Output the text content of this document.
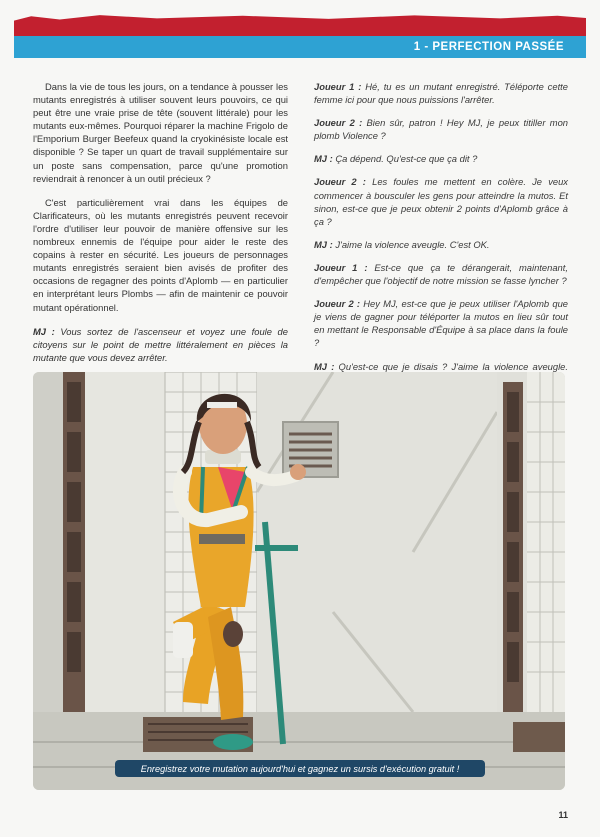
1 - PERFECTION PASSÉE

Dans la vie de tous les jours, on a tendance à pousser les mutants enregistrés à utiliser souvent leurs pouvoirs, ce qui peut être une vraie prise de tête (souvent littérale) pour les mutants eux-mêmes. Pourquoi réparer la machine Frigolo de l'Emporium Burger Beefeux quand la cryokinésiste locale est disponible ? Se taper un quart de travail supplémentaire sur un poste sans compensation, parce qu'une promotion reviendrait à renoncer à un outil précieux ?

C'est particulièrement vrai dans les équipes de Clarificateurs, où les mutants enregistrés peuvent recevoir l'ordre d'utiliser leur pouvoir de manière offensive sur les nombreux ennemis de l'équipe pour aider le reste des copains à rester en sécurité. Les joueurs de personnages mutants enregistrés seraient bien avisés de profiter des occasions de regagner des points d'Aplomb — en particulier en interprétant leurs Plombs — afin de maintenir ce pouvoir mutant opérationnel.

MJ : Vous sortez de l'ascenseur et voyez une foule de citoyens sur le point de mettre littéralement en pièces la mutante que vous devez arrêter.

Joueur 1 : Hé, tu es un mutant enregistré. Téléporte cette femme ici pour que nous puissions l'arrêter.

Joueur 2 : Bien sûr, patron ! Hey MJ, je peux titiller mon plomb Violence ?

MJ : Ça dépend. Qu'est-ce que ça dit ?

Joueur 2 : Les foules me mettent en colère. Je veux commencer à bousculer les gens pour atteindre la mutos. Et sinon, est-ce que je peux obtenir 2 points d'Aplomb grâce à ça ?

MJ : J'aime la violence aveugle. C'est OK.

Joueur 1 : Est-ce que ça te dérangerait, maintenant, d'empêcher que l'objectif de notre mission se fasse lyncher ?

Joueur 2 : Hey MJ, est-ce que je peux utiliser l'Aplomb que je viens de gagner pour téléporter la mutos en lieu sûr tout en mettant le Responsable d'Équipe à sa place dans la foule ?

MJ : Qu'est-ce que je disais ? J'aime la violence aveugle.

Enregistrez votre mutation aujourd'hui et gagnez un sursis d'exécution gratuit !
11
